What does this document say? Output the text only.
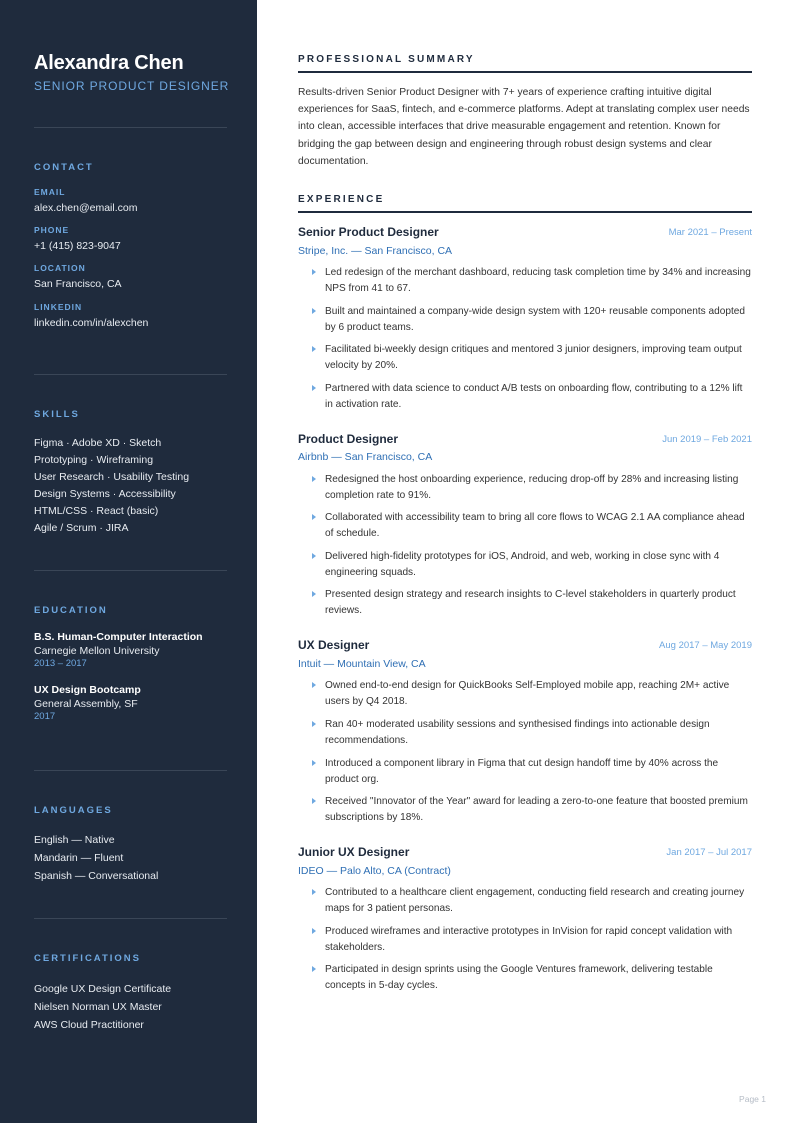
Alexandra Chen
SENIOR PRODUCT DESIGNER
CONTACT
EMAIL
alex.chen@email.com
PHONE
+1 (415) 823-9047
LOCATION
San Francisco, CA
LINKEDIN
linkedin.com/in/alexchen
SKILLS
Figma · Adobe XD · Sketch
Prototyping · Wireframing
User Research · Usability Testing
Design Systems · Accessibility
HTML/CSS · React (basic)
Agile / Scrum · JIRA
EDUCATION
B.S. Human-Computer Interaction
Carnegie Mellon University
2013 – 2017
UX Design Bootcamp
General Assembly, SF
2017
LANGUAGES
English — Native
Mandarin — Fluent
Spanish — Conversational
CERTIFICATIONS
Google UX Design Certificate
Nielsen Norman UX Master
AWS Cloud Practitioner
PROFESSIONAL SUMMARY

Results-driven Senior Product Designer with 7+ years of experience crafting intuitive digital experiences for SaaS, fintech, and e-commerce platforms. Adept at translating complex user needs into clean, accessible interfaces that drive measurable engagement and retention. Known for bridging the gap between design and engineering through robust design systems and clear documentation.

EXPERIENCE
Senior Product Designer	Mar 2021 – Present
Stripe, Inc. — San Francisco, CA
Led redesign of the merchant dashboard, reducing task completion time by 34% and increasing NPS from 41 to 67.
Built and maintained a company-wide design system with 120+ reusable components adopted by 6 product teams.
Facilitated bi-weekly design critiques and mentored 3 junior designers, improving team output velocity by 20%.
Partnered with data science to conduct A/B tests on onboarding flow, contributing to a 12% lift in activation rate.
Product Designer	Jun 2019 – Feb 2021
Airbnb — San Francisco, CA
Redesigned the host onboarding experience, reducing drop-off by 28% and increasing listing completion rate to 91%.
Collaborated with accessibility team to bring all core flows to WCAG 2.1 AA compliance ahead of schedule.
Delivered high-fidelity prototypes for iOS, Android, and web, working in close sync with 4 engineering squads.
Presented design strategy and research insights to C-level stakeholders in quarterly product reviews.
UX Designer	Aug 2017 – May 2019
Intuit — Mountain View, CA
Owned end-to-end design for QuickBooks Self-Employed mobile app, reaching 2M+ active users by Q4 2018.
Ran 40+ moderated usability sessions and synthesised findings into actionable design recommendations.
Introduced a component library in Figma that cut design handoff time by 40% across the product org.
Received "Innovator of the Year" award for leading a zero-to-one feature that boosted premium subscriptions by 18%.
Junior UX Designer	Jan 2017 – Jul 2017
IDEO — Palo Alto, CA (Contract)
Contributed to a healthcare client engagement, conducting field research and creating journey maps for 3 patient personas.
Produced wireframes and interactive prototypes in InVision for rapid concept validation with stakeholders.
Participated in design sprints using the Google Ventures framework, delivering testable concepts in 5-day cycles.
Page 1
